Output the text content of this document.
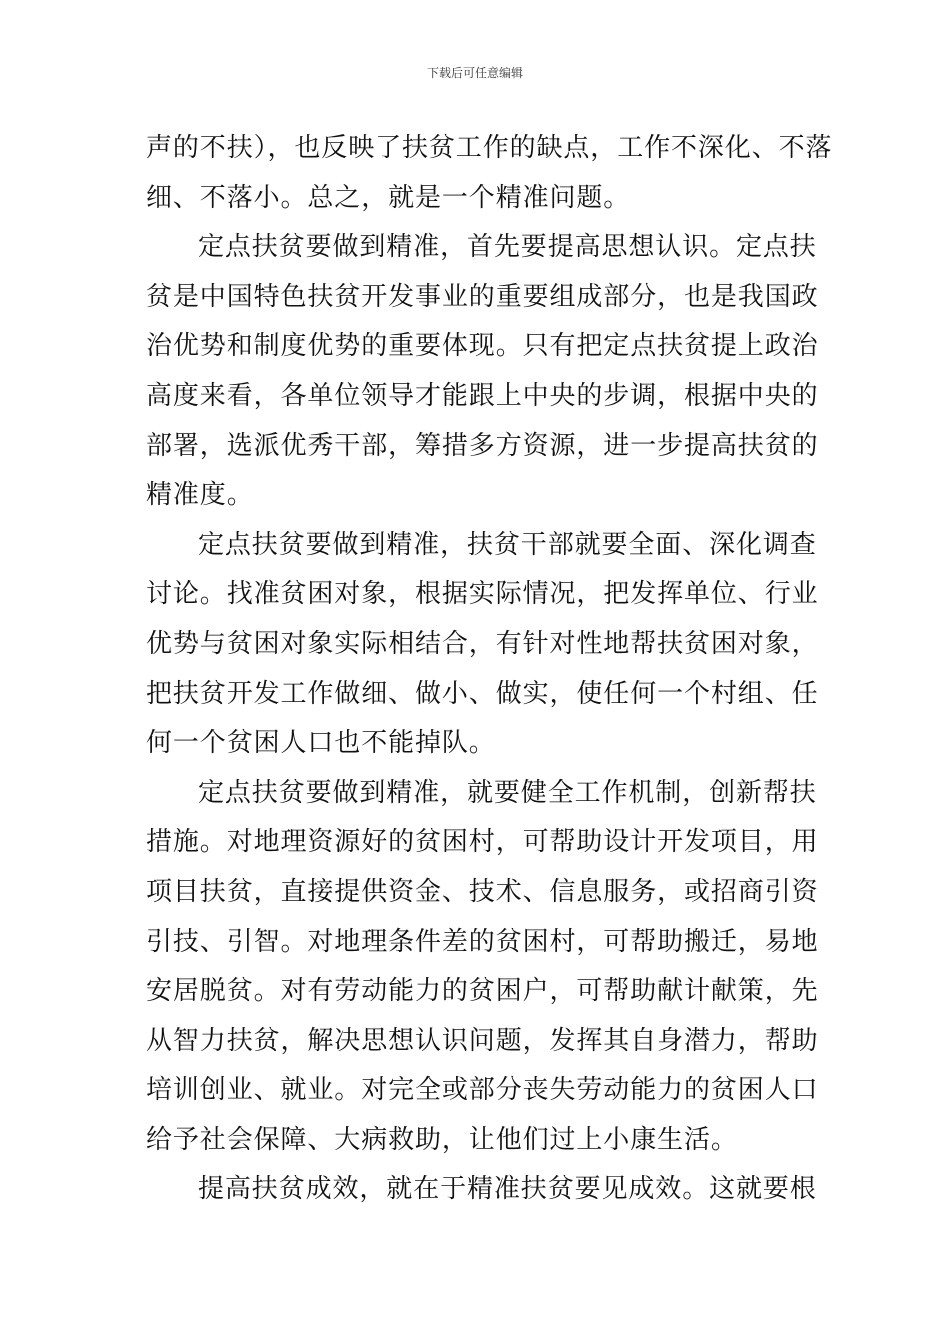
下载后可任意编辑
声的不扶），也反映了扶贫工作的缺点，工作不深化、不落
细、不落小。总之，就是一个精准问题。
定点扶贫要做到精准，首先要提高思想认识。定点扶
贫是中国特色扶贫开发事业的重要组成部分，也是我国政
治优势和制度优势的重要体现。只有把定点扶贫提上政治
高度来看，各单位领导才能跟上中央的步调，根据中央的
部署，选派优秀干部，筹措多方资源，进一步提高扶贫的
精准度。
定点扶贫要做到精准，扶贫干部就要全面、深化调查
讨论。找准贫困对象，根据实际情况，把发挥单位、行业
优势与贫困对象实际相结合，有针对性地帮扶贫困对象，
把扶贫开发工作做细、做小、做实，使任何一个村组、任
何一个贫困人口也不能掉队。
定点扶贫要做到精准，就要健全工作机制，创新帮扶
措施。对地理资源好的贫困村，可帮助设计开发项目，用
项目扶贫，直接提供资金、技术、信息服务，或招商引资
引技、引智。对地理条件差的贫困村，可帮助搬迁，易地
安居脱贫。对有劳动能力的贫困户，可帮助献计献策，先
从智力扶贫，解决思想认识问题，发挥其自身潜力，帮助
培训创业、就业。对完全或部分丧失劳动能力的贫困人口
给予社会保障、大病救助，让他们过上小康生活。
提高扶贫成效，就在于精准扶贫要见成效。这就要根
